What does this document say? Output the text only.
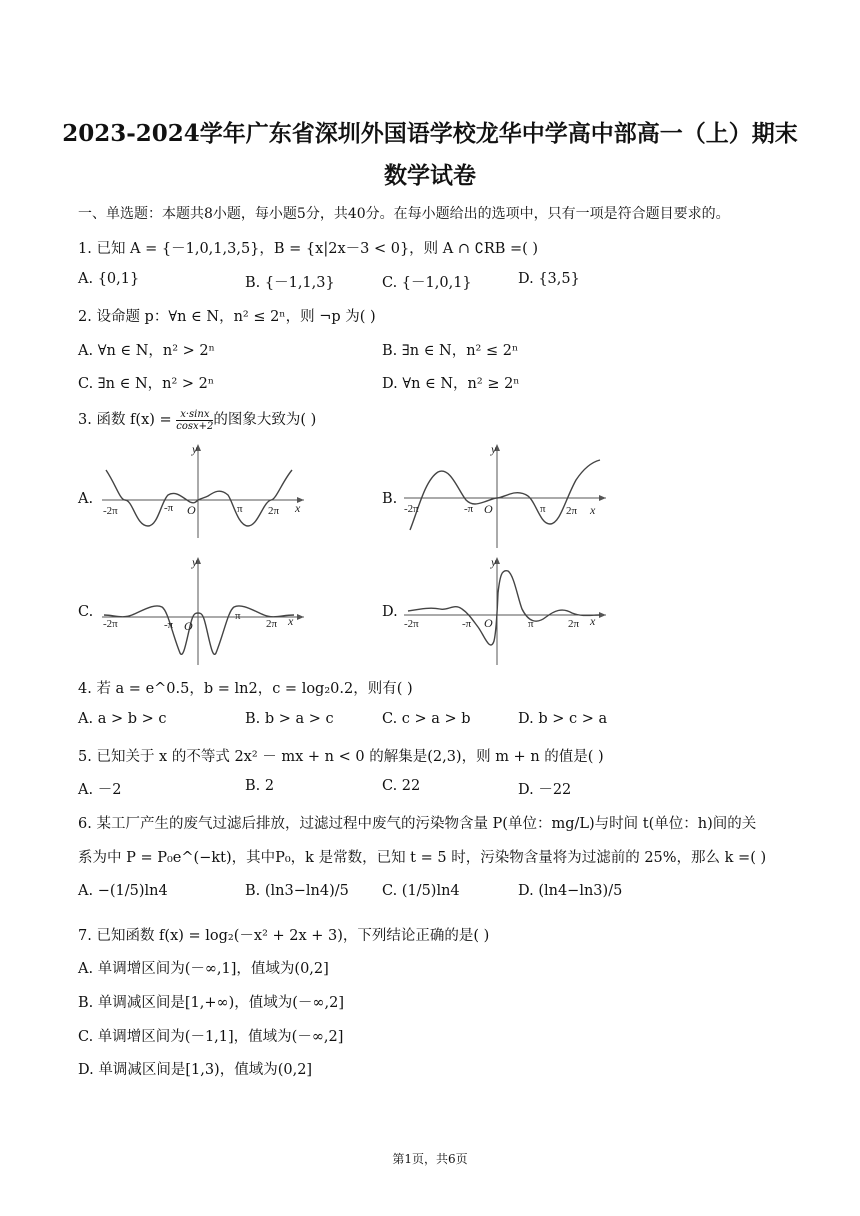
2023-2024学年广东省深圳外国语学校龙华中学高中部高一（上）期末
数学试卷
一、单选题：本题共8小题，每小题5分，共40分。在每小题给出的选项中，只有一项是符合题目要求的。
1. 已知 A = {－1,0,1,3,5}，B = {x|2x－3 < 0}，则 A ∩ ∁RB =( )
A. {0,1}	B. {－1,1,3}	C. {－1,0,1}	D. {3,5}
2. 设命题 p：∀n ∈ N，n² ≤ 2ⁿ，则 ¬p 为( )
A. ∀n ∈ N，n² > 2ⁿ	B. ∃n ∈ N，n² ≤ 2ⁿ
C. ∃n ∈ N，n² > 2ⁿ	D. ∀n ∈ N，n² ≥ 2ⁿ
3. 函数 $f(x) = \frac{x\cdot\sin x}{\cos x+2}$ 的图象大致为( )
A.	B.
C.	D.
y
x
O
-2π	-π	π 2π
y
x
O
-2π	-π	π 2π
y
x
O
-2π	-π
π
2π
y
x
O
-2π	-π	π	2π
4. 若 a = e^0.5，b = ln2，c = log₂0.2，则有( )
A. a > b > c	B. b > a > c	C. c > a > b	D. b > c > a
5. 已知关于 x 的不等式 2x² － mx + n < 0 的解集是(2,3)，则 m + n 的值是( )
A. －2	B. 2	C. 22	D. －22
6. 某工厂产生的废气过滤后排放，过滤过程中废气的污染物含量 P(单位：mg/L)与时间 t(单位：h)间的关
系为中 P = P₀e^(−kt)，其中P₀，k 是常数，已知 t = 5 时，污染物含量将为过滤前的 25%，那么 k =( )
A. −(1/5)ln4	B. (ln3−ln4)/5 C. (1/5)ln4	D. (ln4−ln3)/5
7. 已知函数 f(x) = log₂(－x² + 2x + 3)，下列结论正确的是( )
A. 单调增区间为(－∞,1]，值域为(0,2]
B. 单调减区间是[1,+∞)，值域为(－∞,2]
C. 单调增区间为(－1,1]，值域为(－∞,2]
D. 单调减区间是[1,3)，值域为(0,2]
第1页，共6页
